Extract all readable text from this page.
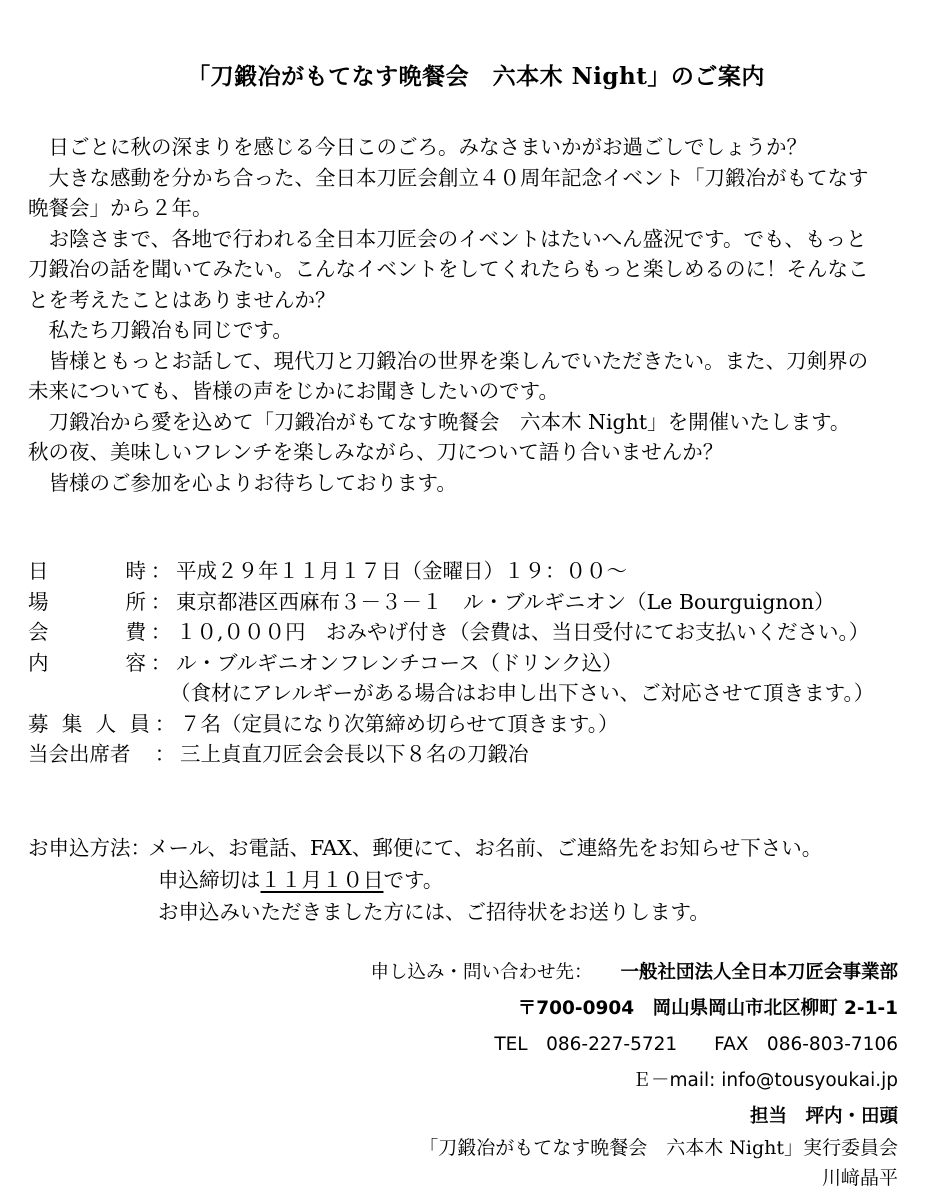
「刀鍛冶がもてなす晩餐会　六本木 Night」のご案内

　日ごとに秋の深まりを感じる今日このごろ。みなさまいかがお過ごしでしょうか？

　大きな感動を分かち合った、全日本刀匠会創立４０周年記念イベント「刀鍛冶がもてなす

晩餐会」から２年。

　お陰さまで、各地で行われる全日本刀匠会のイベントはたいへん盛況です。でも、もっと

刀鍛冶の話を聞いてみたい。こんなイベントをしてくれたらもっと楽しめるのに！そんなこ

とを考えたことはありませんか？

　私たち刀鍛冶も同じです。

　皆様ともっとお話して、現代刀と刀鍛冶の世界を楽しんでいただきたい。また、刀剣界の

未来についても、皆様の声をじかにお聞きしたいのです。

　刀鍛冶から愛を込めて「刀鍛冶がもてなす晩餐会　六本木 Night」を開催いたします。

秋の夜、美味しいフレンチを楽しみながら、刀について語り合いませんか？

　皆様のご参加を心よりお待ちしております。

日	時 ： 平成２９年１１月１７日（金曜日）１９：００～
場	所 ： 東京都港区西麻布３－３－１　ル・ブルギニオン（Le Bourguignon）
会	費 ： １０,０００円　おみやげ付き（会費は、当日受付にてお支払いください。）
内	容 ： ル・ブルギニオンフレンチコース（ドリンク込）
（食材にアレルギーがある場合はお申し出下さい、ご対応させて頂きます。）
募 集 人 員 ： ７名（定員になり次第締め切らせて頂きます。）
当会出席者	： 三上貞直刀匠会会長以下８名の刀鍛冶
お申込方法：
メール、お電話、FAX、郵便にて、お名前、ご連絡先をお知らせ下さい。
申込締切は １１月１０日 です。
お申込みいただきました方には、ご招待状をお送りします。
申し込み・問い合わせ先： 一般社団法人全日本刀匠会事業部
〒700-0904　岡山県岡山市北区柳町 2-1-1
TEL　086-227-5721　　FAX　086-803-7106
Ｅ－mail: info@tousyoukai.jp
担当　坪内・田頭
「刀鍛冶がもてなす晩餐会　六本木 Night」実行委員会
川﨑晶平
